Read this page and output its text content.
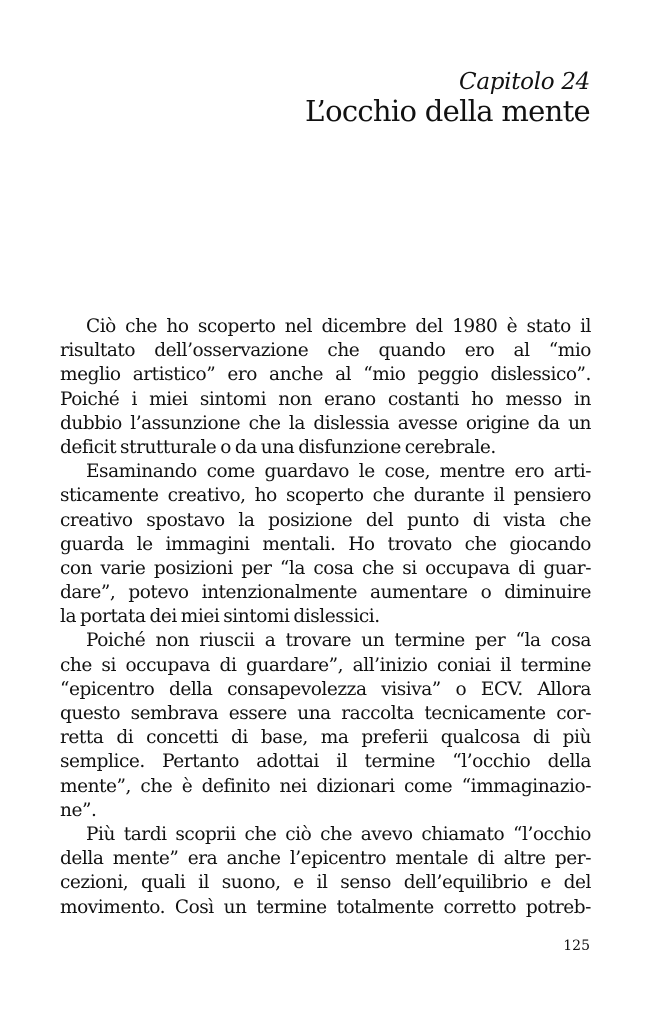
Capitolo 24
L’occhio della mente
Ciò che ho scoperto nel dicembre del 1980 è stato il
risultato dell’osservazione che quando ero al “mio
meglio artistico” ero anche al “mio peggio dislessico”.
Poiché i miei sintomi non erano costanti ho messo in
dubbio l’assunzione che la dislessia avesse origine da un
deficit strutturale o da una disfunzione cerebrale.
Esaminando come guardavo le cose, mentre ero arti-
sticamente creativo, ho scoperto che durante il pensiero
creativo spostavo la posizione del punto di vista che
guarda le immagini mentali. Ho trovato che giocando
con varie posizioni per “la cosa che si occupava di guar-
dare”, potevo intenzionalmente aumentare o diminuire
la portata dei miei sintomi dislessici.
Poiché non riuscii a trovare un termine per “la cosa
che si occupava di guardare”, all’inizio coniai il termine
“epicentro della consapevolezza visiva” o ECV. Allora
questo sembrava essere una raccolta tecnicamente cor-
retta di concetti di base, ma preferii qualcosa di più
semplice. Pertanto adottai il termine “l’occhio della
mente”, che è definito nei dizionari come “immaginazio-
ne”.
Più tardi scoprii che ciò che avevo chiamato “l’occhio
della mente” era anche l’epicentro mentale di altre per-
cezioni, quali il suono, e il senso dell’equilibrio e del
movimento. Così un termine totalmente corretto potreb-
125
